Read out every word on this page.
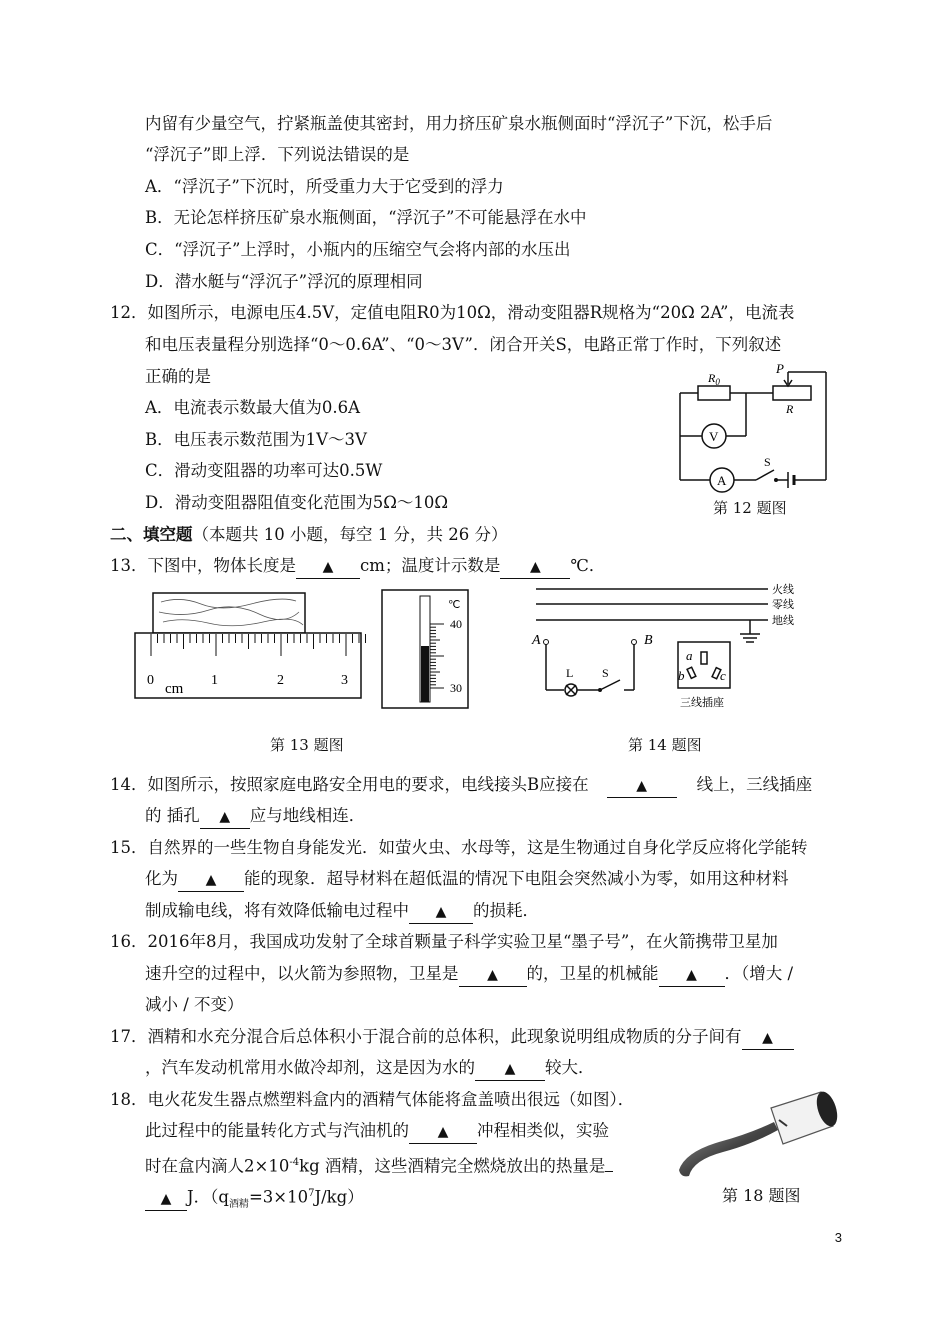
内留有少量空气，拧紧瓶盖使其密封，用力挤压矿泉水瓶侧面时“浮沉子”下沉，松手后
“浮沉子”即上浮．下列说法错误的是
A．“浮沉子”下沉时，所受重力大于它受到的浮力
B．无论怎样挤压矿泉水瓶侧面，“浮沉子”不可能悬浮在水中
C．“浮沉子”上浮时，小瓶内的压缩空气会将内部的水压出
D．潜水艇与“浮沉子”浮沉的原理相同
12．如图所示，电源电压4.5V，定值电阻R0为10Ω，滑动变阻器R规格为“20Ω 2A”，电流表
和电压表量程分别选择“0～0.6A”、“0～3V”．闭合开关S，电路正常丁作时，下列叙述
正确的是
A．电流表示数最大值为0.6A
B．电压表示数范围为1V～3V
C．滑动变阻器的功率可达0.5W
D．滑动变阻器阻值变化范围为5Ω～10Ω
$R_0$
P
R
V
A
S
第 12 题图
二、填空题（本题共 10 小题，每空 1 分，共 26 分）
13．下图中，物体长度是 ▲ cm；温度计示数是 ▲ ℃．
0	1	2	3
cm
℃
40
30
第 13 题图
火线
零线
地线
A	B
L S
a
b	c
三线插座
第 14 题图
14．如图所示，按照家庭电路安全用电的要求，电线接头B应接在	▲	线上，三线插座
的 插孔 ▲ 应与地线相连．
15．自然界的一些生物自身能发光．如萤火虫、水母等，这是生物通过自身化学反应将化学能转
化为 ▲ 能的现象．超导材料在超低温的情况下电阻会突然减小为零，如用这种材料
制成输电线，将有效降低输电过程中 ▲ 的损耗．
16．2016年8月，我国成功发射了全球首颗量子科学实验卫星“墨子号”，在火箭携带卫星加
速升空的过程中，以火箭为参照物，卫星是 ▲ 的，卫星的机械能 ▲ ．（增大 /
减小 / 不变）
17．酒精和水充分混合后总体积小于混合前的总体积，此现象说明组成物质的分子间有 ▲
，汽车发动机常用水做冷却剂，这是因为水的 ▲ 较大．
18．电火花发生器点燃塑料盒内的酒精气体能将盒盖喷出很远（如图）．
此过程中的能量转化方式与汽油机的 ▲ 冲程相类似，实验
时在盒内滴人$2\times 10^{-4}kg$ 酒精，这些酒精完全燃烧放出的热量是
▲ J．$(q_{酒精}=3\times 10^7J/kg)$	第 18 题图
3
